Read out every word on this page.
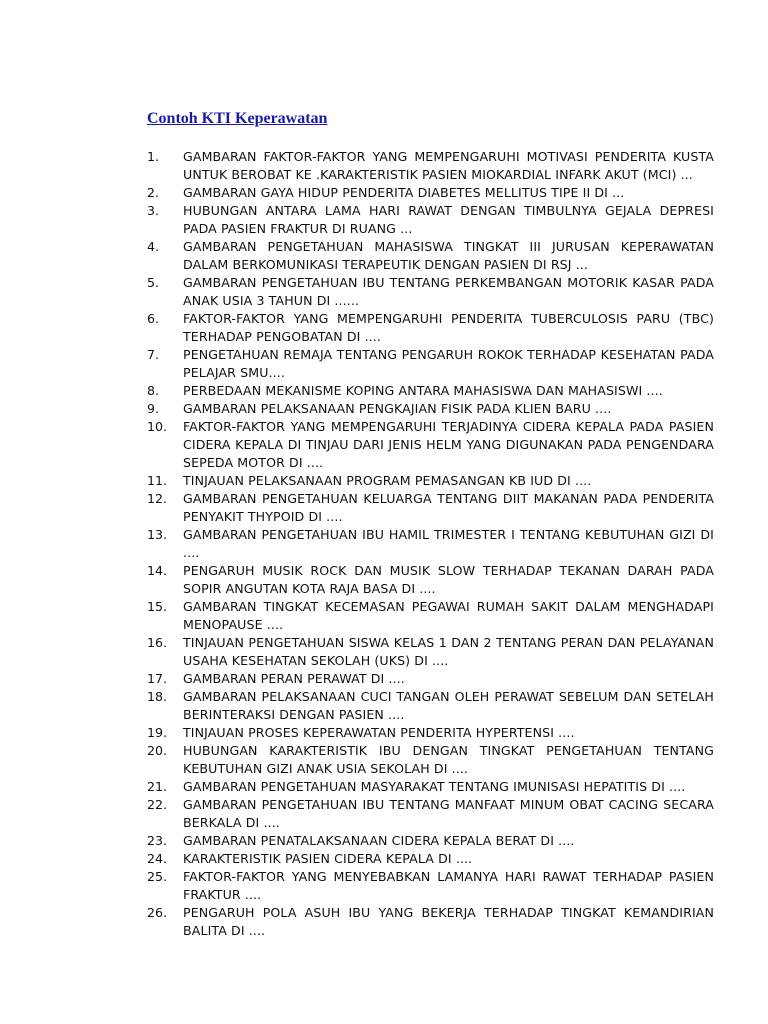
Contoh KTI Keperawatan
1.	GAMBARAN FAKTOR-FAKTOR YANG MEMPENGARUHI MOTIVASI PENDERITA KUSTA UNTUK BEROBAT KE .KARAKTERISTIK PASIEN MIOKARDIAL INFARK AKUT (MCI) ...
2.	GAMBARAN GAYA HIDUP PENDERITA DIABETES MELLITUS TIPE II DI ...
3.	HUBUNGAN ANTARA LAMA HARI RAWAT DENGAN TIMBULNYA GEJALA DEPRESI PADA PASIEN FRAKTUR DI RUANG ...
4.	GAMBARAN PENGETAHUAN MAHASISWA TINGKAT III JURUSAN KEPERAWATAN DALAM BERKOMUNIKASI TERAPEUTIK DENGAN PASIEN DI RSJ ...
5.	GAMBARAN PENGETAHUAN IBU TENTANG PERKEMBANGAN MOTORIK KASAR PADA ANAK USIA 3 TAHUN DI ......
6.	FAKTOR-FAKTOR YANG MEMPENGARUHI PENDERITA TUBERCULOSIS PARU (TBC) TERHADAP PENGOBATAN DI ....
7.	PENGETAHUAN REMAJA TENTANG PENGARUH ROKOK TERHADAP KESEHATAN PADA PELAJAR SMU....
8.	PERBEDAAN MEKANISME KOPING ANTARA MAHASISWA DAN MAHASISWI ....
9.	GAMBARAN PELAKSANAAN PENGKAJIAN FISIK PADA KLIEN BARU ....
10.	FAKTOR-FAKTOR YANG MEMPENGARUHI TERJADINYA CIDERA KEPALA PADA PASIEN CIDERA KEPALA DI TINJAU DARI JENIS HELM YANG DIGUNAKAN PADA PENGENDARA SEPEDA MOTOR DI ....
11.	TINJAUAN PELAKSANAAN PROGRAM PEMASANGAN KB IUD DI ....
12.	GAMBARAN PENGETAHUAN KELUARGA TENTANG DIIT MAKANAN PADA PENDERITA PENYAKIT THYPOID DI ....
13.	GAMBARAN PENGETAHUAN IBU HAMIL TRIMESTER I TENTANG KEBUTUHAN GIZI DI ....
14.	PENGARUH MUSIK ROCK DAN MUSIK SLOW TERHADAP TEKANAN DARAH PADA SOPIR ANGUTAN KOTA RAJA BASA DI ....
15.	GAMBARAN TINGKAT KECEMASAN PEGAWAI RUMAH SAKIT DALAM MENGHADAPI MENOPAUSE ....
16.	TINJAUAN PENGETAHUAN SISWA KELAS 1 DAN 2 TENTANG PERAN DAN PELAYANAN USAHA KESEHATAN SEKOLAH (UKS) DI ....
17.	GAMBARAN PERAN PERAWAT DI ....
18.	GAMBARAN PELAKSANAAN CUCI TANGAN OLEH PERAWAT SEBELUM DAN SETELAH BERINTERAKSI DENGAN PASIEN ....
19.	TINJAUAN PROSES KEPERAWATAN PENDERITA HYPERTENSI ....
20.	HUBUNGAN KARAKTERISTIK IBU DENGAN TINGKAT PENGETAHUAN TENTANG KEBUTUHAN GIZI ANAK USIA SEKOLAH DI ....
21.	GAMBARAN PENGETAHUAN MASYARAKAT TENTANG IMUNISASI HEPATITIS DI ....
22.	GAMBARAN PENGETAHUAN IBU TENTANG MANFAAT MINUM OBAT CACING SECARA BERKALA DI ....
23.	GAMBARAN PENATALAKSANAAN CIDERA KEPALA BERAT DI ....
24.	KARAKTERISTIK PASIEN CIDERA KEPALA DI ....
25.	FAKTOR-FAKTOR YANG MENYEBABKAN LAMANYA HARI RAWAT TERHADAP PASIEN FRAKTUR ....
26.	PENGARUH POLA ASUH IBU YANG BEKERJA TERHADAP TINGKAT KEMANDIRIAN BALITA DI ....
